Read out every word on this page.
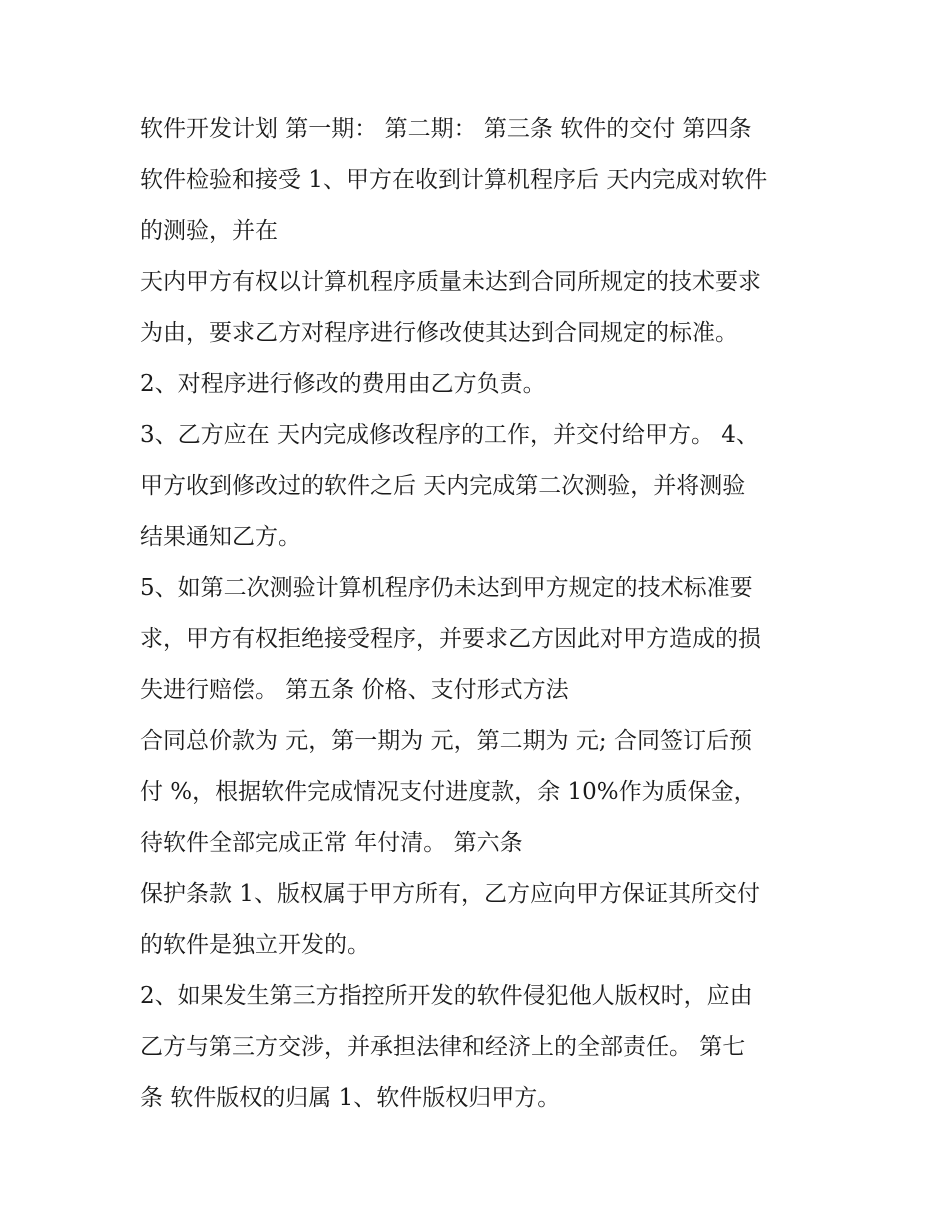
软件开发计划 第一期： 第二期： 第三条 软件的交付 第四条
软件检验和接受 1、甲方在收到计算机程序后 天内完成对软件
的测验，并在
天内甲方有权以计算机程序质量未达到合同所规定的技术要求
为由，要求乙方对程序进行修改使其达到合同规定的标准。
2、对程序进行修改的费用由乙方负责。
3、乙方应在 天内完成修改程序的工作，并交付给甲方。 4、
甲方收到修改过的软件之后 天内完成第二次测验，并将测验
结果通知乙方。
5、如第二次测验计算机程序仍未达到甲方规定的技术标准要
求，甲方有权拒绝接受程序，并要求乙方因此对甲方造成的损
失进行赔偿。 第五条 价格、支付形式方法
合同总价款为 元，第一期为 元，第二期为 元; 合同签订后预
付 %，根据软件完成情况支付进度款，余 10%作为质保金，
待软件全部完成正常 年付清。 第六条
保护条款 1、版权属于甲方所有，乙方应向甲方保证其所交付
的软件是独立开发的。
2、如果发生第三方指控所开发的软件侵犯他人版权时，应由
乙方与第三方交涉，并承担法律和经济上的全部责任。 第七
条 软件版权的归属 1、软件版权归甲方。
